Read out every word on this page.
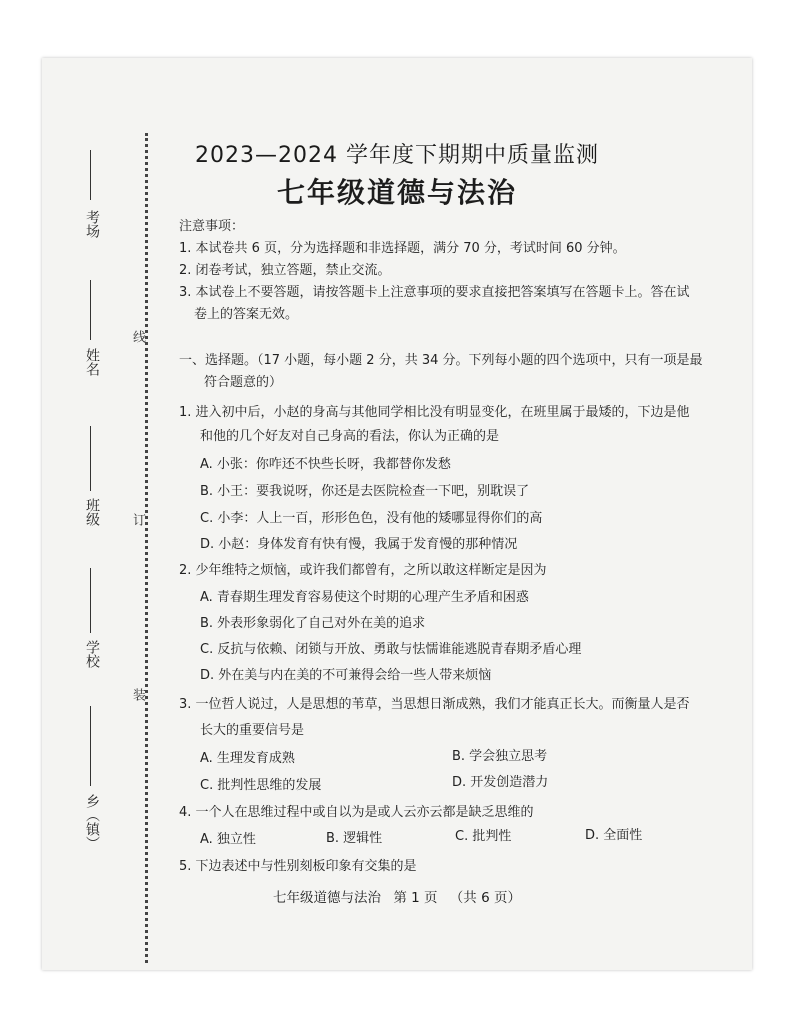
线
订
装
考场
姓名
班级
学校
乡（镇）
2023—2024 学年度下期期中质量监测
七年级道德与法治
注意事项：
1. 本试卷共 6 页，分为选择题和非选择题，满分 70 分，考试时间 60 分钟。
2. 闭卷考试，独立答题，禁止交流。
3. 本试卷上不要答题，请按答题卡上注意事项的要求直接把答案填写在答题卡上。答在试
卷上的答案无效。
一、选择题。（17 小题，每小题 2 分，共 34 分。下列每小题的四个选项中，只有一项是最
符合题意的）
1. 进入初中后，小赵的身高与其他同学相比没有明显变化，在班里属于最矮的，下边是他
和他的几个好友对自己身高的看法，你认为正确的是
A. 小张：你咋还不快些长呀，我都替你发愁
B. 小王：要我说呀，你还是去医院检查一下吧，别耽误了
C. 小李：人上一百，形形色色，没有他的矮哪显得你们的高
D. 小赵：身体发育有快有慢，我属于发育慢的那种情况
2. 少年维特之烦恼，或许我们都曾有，之所以敢这样断定是因为
A. 青春期生理发育容易使这个时期的心理产生矛盾和困惑
B. 外表形象弱化了自己对外在美的追求
C. 反抗与依赖、闭锁与开放、勇敢与怯懦谁能逃脱青春期矛盾心理
D. 外在美与内在美的不可兼得会给一些人带来烦恼
3. 一位哲人说过，人是思想的苇草，当思想日渐成熟，我们才能真正长大。而衡量人是否
长大的重要信号是
A. 生理发育成熟	B. 学会独立思考
C. 批判性思维的发展	D. 开发创造潜力
4. 一个人在思维过程中或自以为是或人云亦云都是缺乏思维的
A. 独立性	B. 逻辑性	C. 批判性	D. 全面性
5. 下边表述中与性别刻板印象有交集的是
七年级道德与法治 第 1 页 （共 6 页）
